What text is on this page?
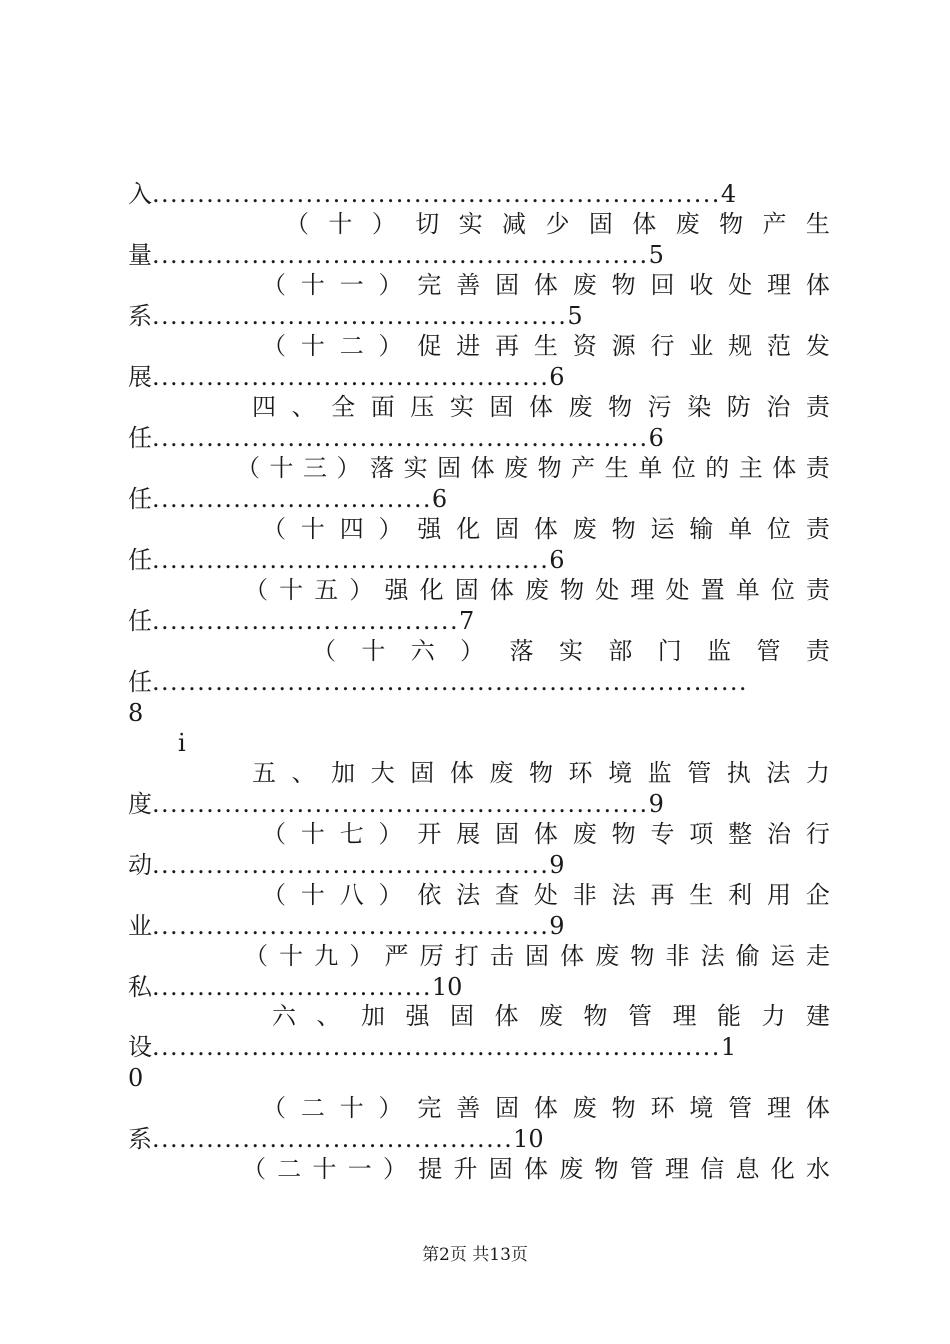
入...............................................................4
（ 十 ） 切 实 减 少 固 体 废 物 产 生
量.......................................................5
（ 十 一 ） 完 善 固 体 废 物 回 收 处 理 体
系..............................................5
（ 十 二 ） 促 进 再 生 资 源 行 业 规 范 发
展............................................6
四 、 全 面 压 实 固 体 废 物 污 染 防 治 责
任.......................................................6
（ 十 三 ） 落 实 固 体 废 物 产 生 单 位 的 主 体 责
任...............................6
（ 十 四 ） 强 化 固 体 废 物 运 输 单 位 责
任............................................6
（ 十 五 ） 强 化 固 体 废 物 处 理 处 置 单 位 责
任..................................7
（ 十 六 ） 落 实 部 门 监 管 责
任..................................................................
8
五 、 加 大 固 体 废 物 环 境 监 管 执 法 力
度.......................................................9
（ 十 七 ） 开 展 固 体 废 物 专 项 整 治 行
动............................................9
（ 十 八 ） 依 法 查 处 非 法 再 生 利 用 企
业............................................9
（ 十 九 ） 严 厉 打 击 固 体 废 物 非 法 偷 运 走
私...............................10
六 、 加 强 固 体 废 物 管 理 能 力 建
设...............................................................1
0
（ 二 十 ） 完 善 固 体 废 物 环 境 管 理 体
系........................................10
（ 二 十 一 ） 提 升 固 体 废 物 管 理 信 息 化 水
i
第2页 共13页
